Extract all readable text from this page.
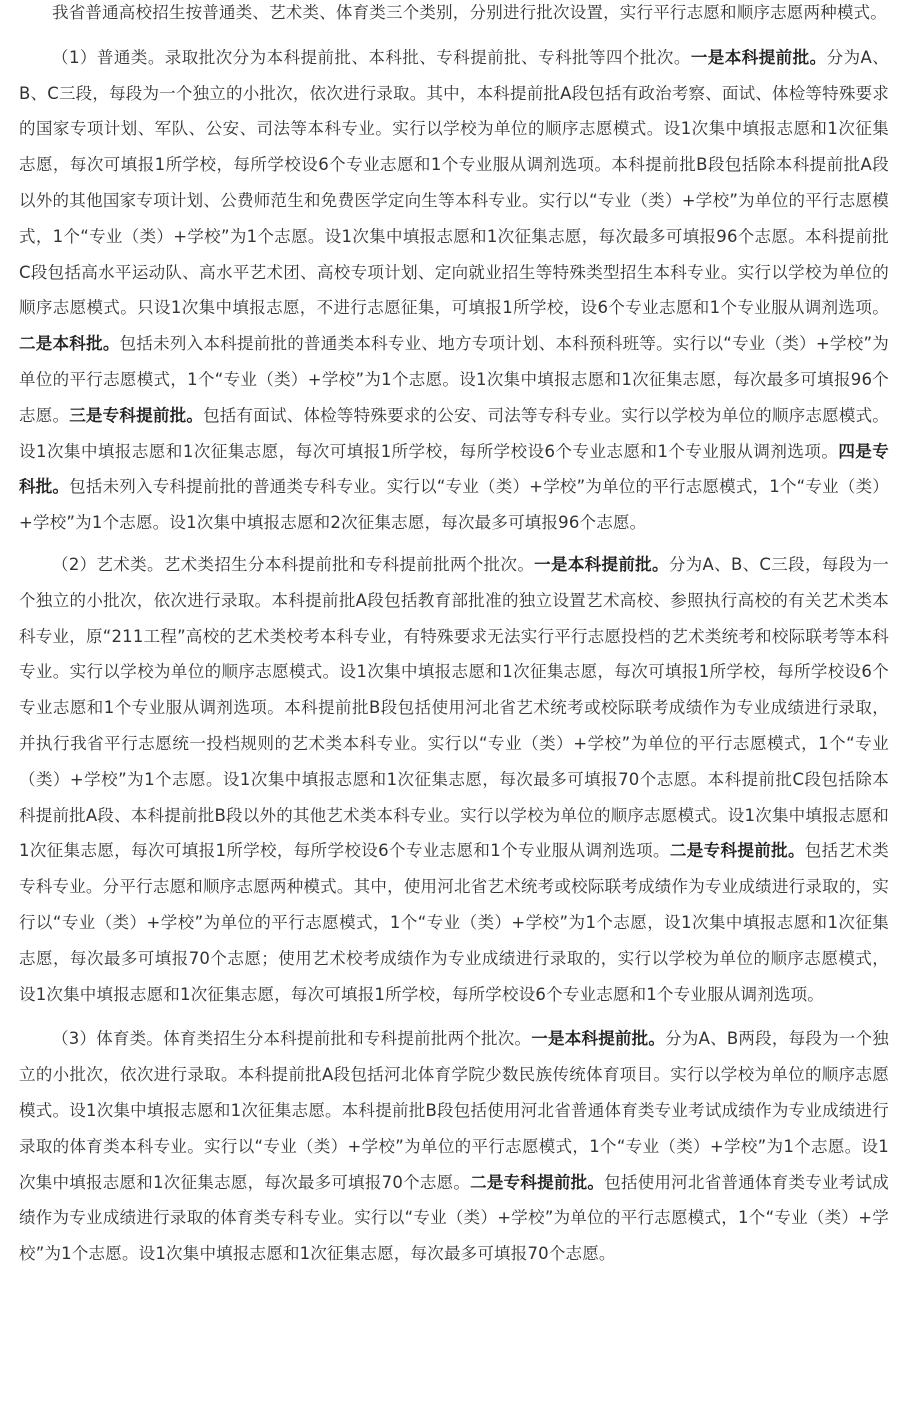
我省普通高校招生按普通类、艺术类、体育类三个类别，分别进行批次设置，实行平行志愿和顺序志愿两种模式。

（1）普通类。录取批次分为本科提前批、本科批、专科提前批、专科批等四个批次。一是本科提前批。分为A、B、C三段，每段为一个独立的小批次，依次进行录取。其中，本科提前批A段包括有政治考察、面试、体检等特殊要求的国家专项计划、军队、公安、司法等本科专业。实行以学校为单位的顺序志愿模式。设1次集中填报志愿和1次征集志愿，每次可填报1所学校，每所学校设6个专业志愿和1个专业服从调剂选项。本科提前批B段包括除本科提前批A段以外的其他国家专项计划、公费师范生和免费医学定向生等本科专业。实行以“专业（类）+学校”为单位的平行志愿模式，1个“专业（类）+学校”为1个志愿。设1次集中填报志愿和1次征集志愿，每次最多可填报96个志愿。本科提前批C段包括高水平运动队、高水平艺术团、高校专项计划、定向就业招生等特殊类型招生本科专业。实行以学校为单位的顺序志愿模式。只设1次集中填报志愿，不进行志愿征集，可填报1所学校，设6个专业志愿和1个专业服从调剂选项。二是本科批。包括未列入本科提前批的普通类本科专业、地方专项计划、本科预科班等。实行以“专业（类）+学校”为单位的平行志愿模式，1个“专业（类）+学校”为1个志愿。设1次集中填报志愿和1次征集志愿，每次最多可填报96个志愿。三是专科提前批。包括有面试、体检等特殊要求的公安、司法等专科专业。实行以学校为单位的顺序志愿模式。设1次集中填报志愿和1次征集志愿，每次可填报1所学校，每所学校设6个专业志愿和1个专业服从调剂选项。四是专科批。包括未列入专科提前批的普通类专科专业。实行以“专业（类）+学校”为单位的平行志愿模式，1个“专业（类）+学校”为1个志愿。设1次集中填报志愿和2次征集志愿，每次最多可填报96个志愿。

（2）艺术类。艺术类招生分本科提前批和专科提前批两个批次。一是本科提前批。分为A、B、C三段，每段为一个独立的小批次，依次进行录取。本科提前批A段包括教育部批准的独立设置艺术高校、参照执行高校的有关艺术类本科专业，原“211工程”高校的艺术类校考本科专业，有特殊要求无法实行平行志愿投档的艺术类统考和校际联考等本科专业。实行以学校为单位的顺序志愿模式。设1次集中填报志愿和1次征集志愿，每次可填报1所学校，每所学校设6个专业志愿和1个专业服从调剂选项。本科提前批B段包括使用河北省艺术统考或校际联考成绩作为专业成绩进行录取，并执行我省平行志愿统一投档规则的艺术类本科专业。实行以“专业（类）+学校”为单位的平行志愿模式，1个“专业（类）+学校”为1个志愿。设1次集中填报志愿和1次征集志愿，每次最多可填报70个志愿。本科提前批C段包括除本科提前批A段、本科提前批B段以外的其他艺术类本科专业。实行以学校为单位的顺序志愿模式。设1次集中填报志愿和1次征集志愿，每次可填报1所学校，每所学校设6个专业志愿和1个专业服从调剂选项。二是专科提前批。包括艺术类专科专业。分平行志愿和顺序志愿两种模式。其中，使用河北省艺术统考或校际联考成绩作为专业成绩进行录取的，实行以“专业（类）+学校”为单位的平行志愿模式，1个“专业（类）+学校”为1个志愿，设1次集中填报志愿和1次征集志愿，每次最多可填报70个志愿；使用艺术校考成绩作为专业成绩进行录取的，实行以学校为单位的顺序志愿模式，设1次集中填报志愿和1次征集志愿，每次可填报1所学校，每所学校设6个专业志愿和1个专业服从调剂选项。

（3）体育类。体育类招生分本科提前批和专科提前批两个批次。一是本科提前批。分为A、B两段，每段为一个独立的小批次，依次进行录取。本科提前批A段包括河北体育学院少数民族传统体育项目。实行以学校为单位的顺序志愿模式。设1次集中填报志愿和1次征集志愿。本科提前批B段包括使用河北省普通体育类专业考试成绩作为专业成绩进行录取的体育类本科专业。实行以“专业（类）+学校”为单位的平行志愿模式，1个“专业（类）+学校”为1个志愿。设1次集中填报志愿和1次征集志愿，每次最多可填报70个志愿。二是专科提前批。包括使用河北省普通体育类专业考试成绩作为专业成绩进行录取的体育类专科专业。实行以“专业（类）+学校”为单位的平行志愿模式，1个“专业（类）+学校”为1个志愿。设1次集中填报志愿和1次征集志愿，每次最多可填报70个志愿。
